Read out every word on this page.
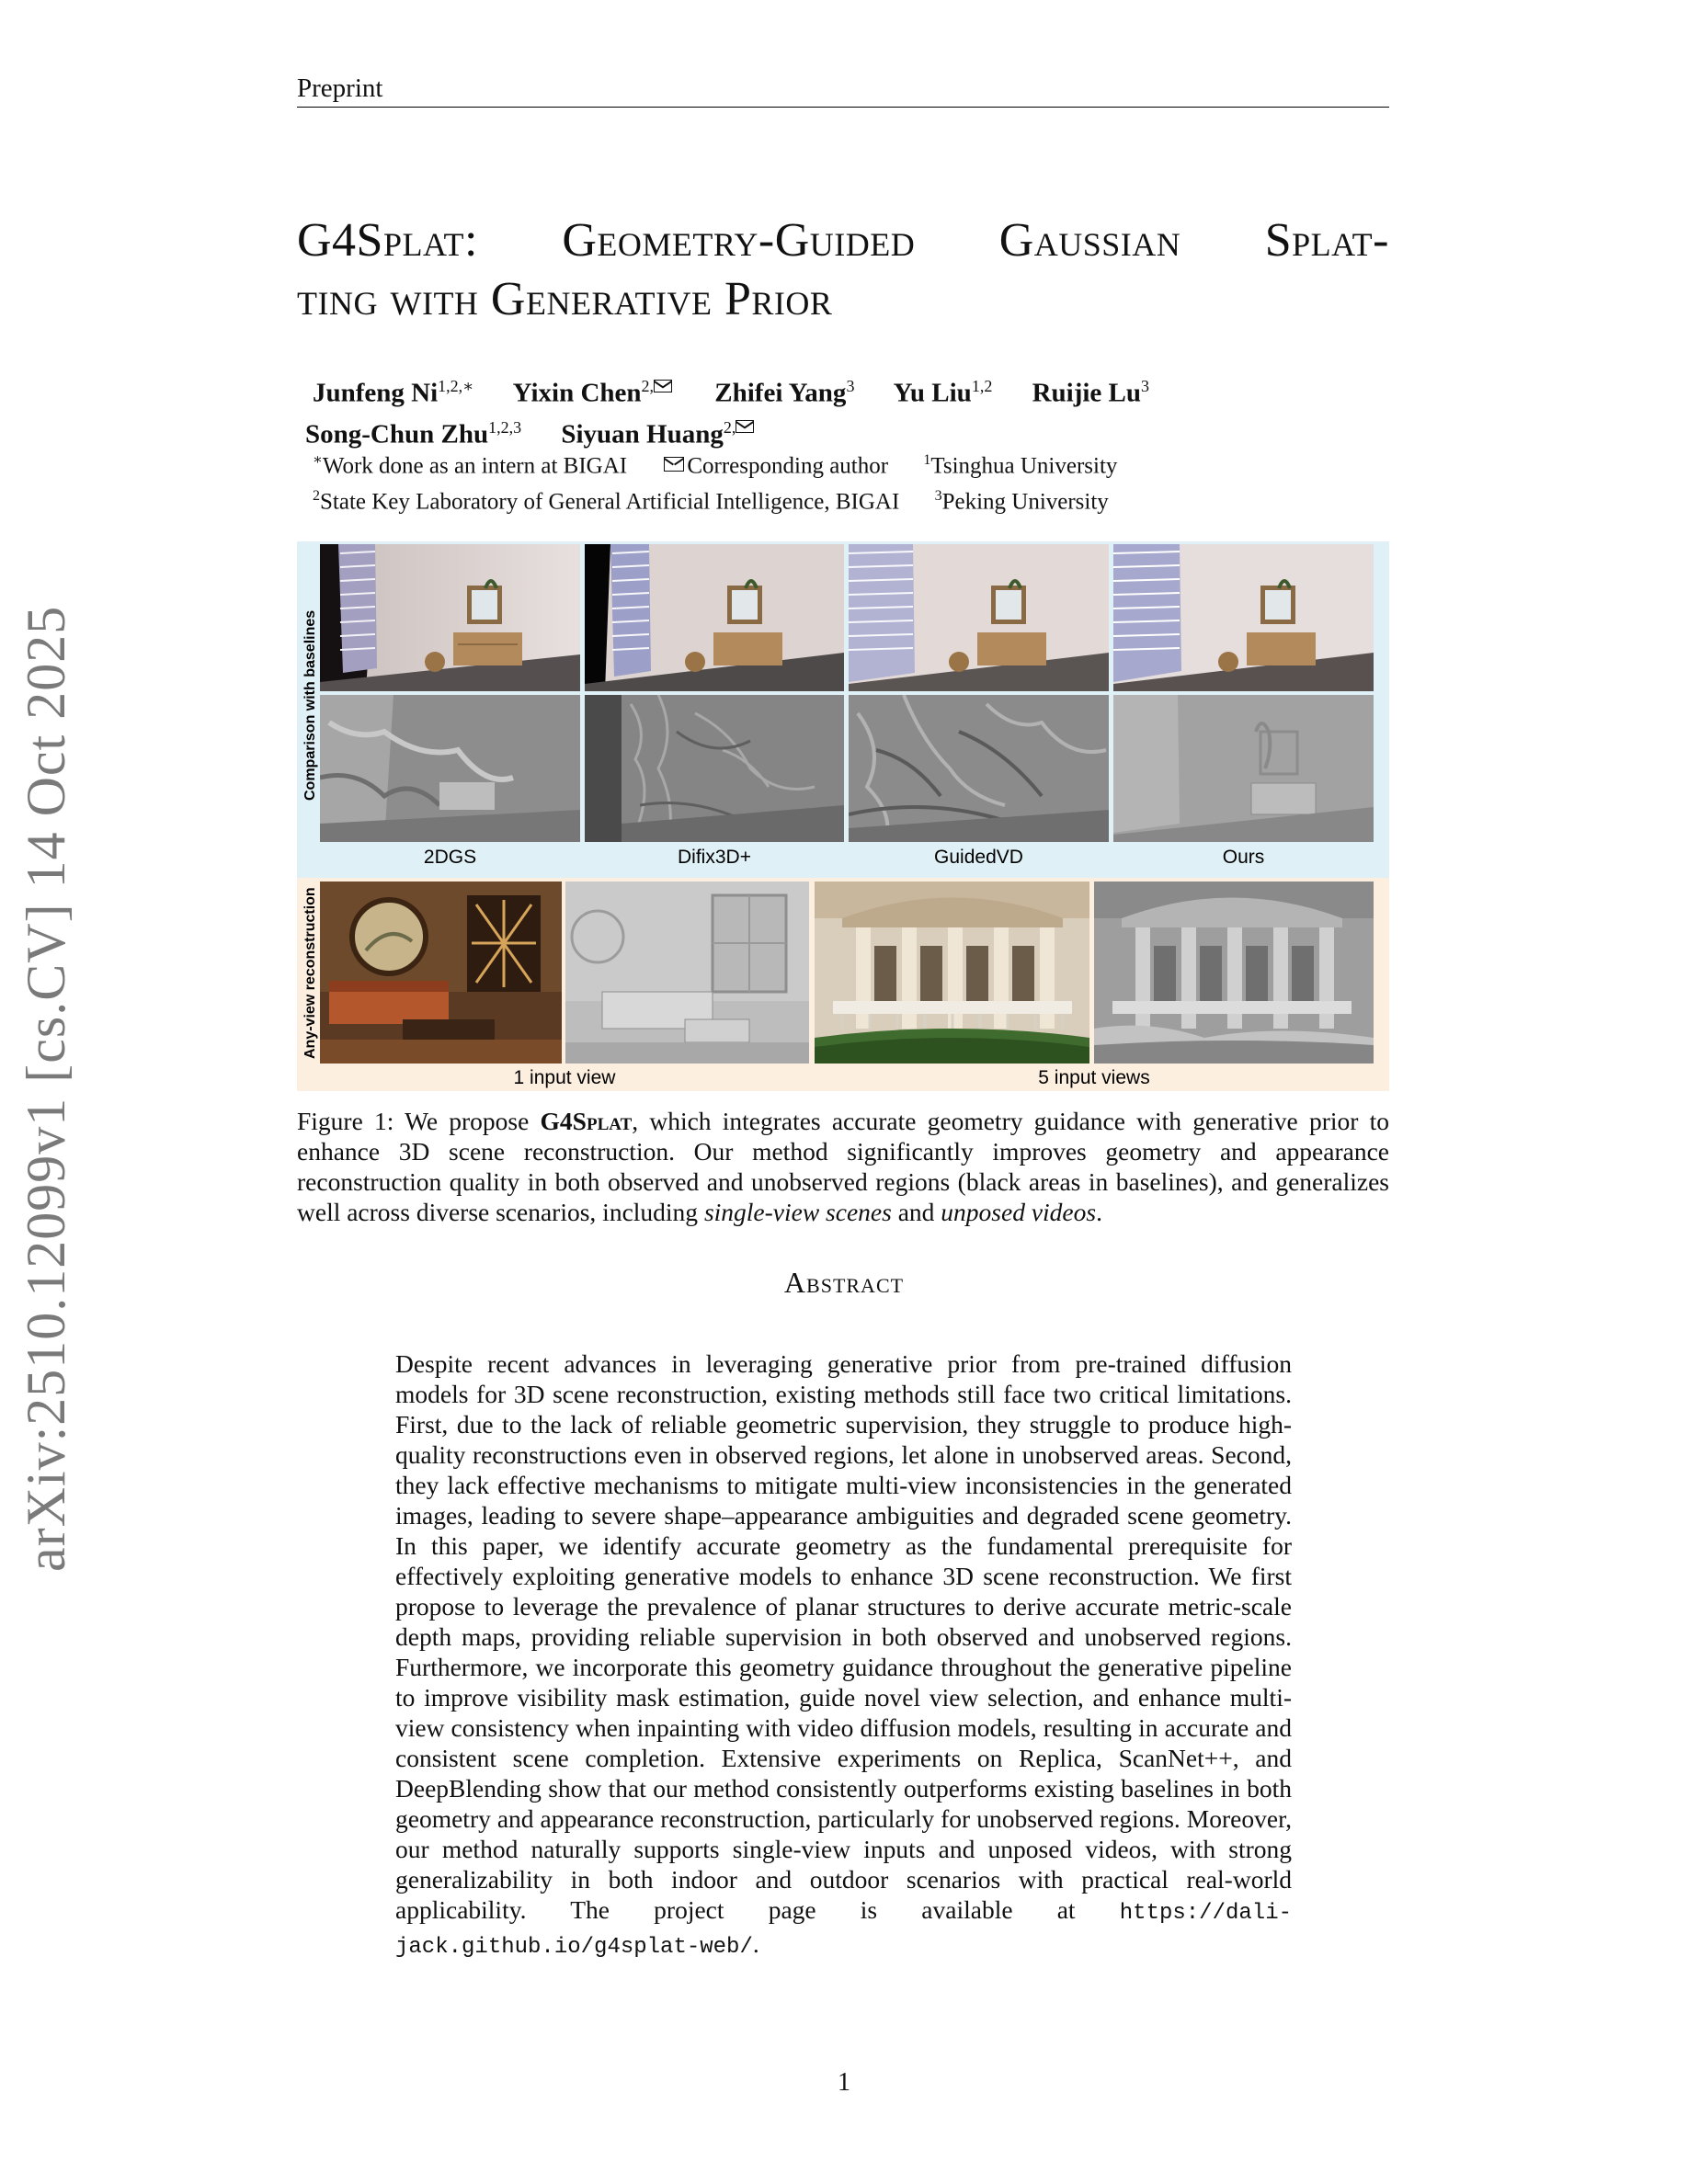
Preprint
arXiv:2510.12099v1 [cs.CV] 14 Oct 2025
G4Splat: Geometry-Guided Gaussian Splat-
ting with Generative Prior
Junfeng $Ni^{1,2,∗}$ Yixin Chen$^{2,}$ Zhifei Yang$^3$ Yu Liu$^{1,2}$ Ruijie Lu$^3$
Song-Chun Zhu$^{1,2,3}$ Siyuan Huang$^{2,}$
∗Work done as an intern at BIGAI	Corresponding author $^1$Tsinghua University
$^2$State Key Laboratory of General Artificial Intelligence, BIGAI $^3$Peking University
Comparison with baselines
Any-view reconstruction
2DGS	Difix3D+	GuidedVD	Ours
1 input view	5 input views
Figure 1: We propose G4Splat, which integrates accurate geometry guidance with generative prior to enhance 3D scene reconstruction. Our method significantly improves geometry and appearance reconstruction quality in both observed and unobserved regions (black areas in baselines), and generalizes well across diverse scenarios, including single-view scenes and unposed videos.
Abstract
Despite recent advances in leveraging generative prior from pre-trained diffusion models for 3D scene reconstruction, existing methods still face two critical limitations. First, due to the lack of reliable geometric supervision, they struggle to produce high-quality reconstructions even in observed regions, let alone in unobserved areas. Second, they lack effective mechanisms to mitigate multi-view inconsistencies in the generated images, leading to severe shape–appearance ambiguities and degraded scene geometry. In this paper, we identify accurate geometry as the fundamental prerequisite for effectively exploiting generative models to enhance 3D scene reconstruction. We first propose to leverage the prevalence of planar structures to derive accurate metric-scale depth maps, providing reliable supervision in both observed and unobserved regions. Furthermore, we incorporate this geometry guidance throughout the generative pipeline to improve visibility mask estimation, guide novel view selection, and enhance multi-view consistency when inpainting with video diffusion models, resulting in accurate and consistent scene completion. Extensive experiments on Replica, ScanNet++, and DeepBlending show that our method consistently outperforms existing baselines in both geometry and appearance reconstruction, particularly for unobserved regions. Moreover, our method naturally supports single-view inputs and unposed videos, with strong generalizability in both indoor and outdoor scenarios with practical real-world applicability. The project page is available at https://dali-jack.github.io/g4splat-web/.
1
